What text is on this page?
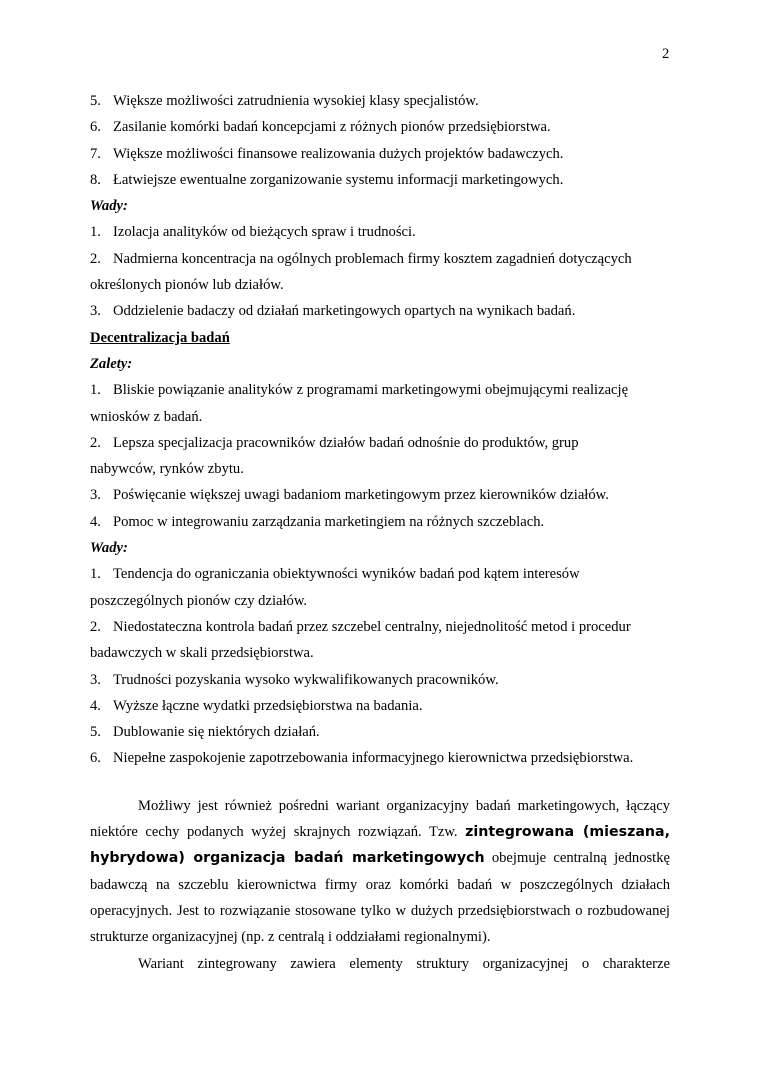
2
5. Większe możliwości zatrudnienia wysokiej klasy specjalistów.
6. Zasilanie komórki badań koncepcjami z różnych pionów przedsiębiorstwa.
7. Większe możliwości finansowe realizowania dużych projektów badawczych.
8. Łatwiejsze ewentualne zorganizowanie systemu informacji marketingowych.
Wady:
1. Izolacja analityków od bieżących spraw i trudności.
2. Nadmierna koncentracja na ogólnych problemach firmy kosztem zagadnień dotyczących
określonych pionów lub działów.
3. Oddzielenie badaczy od działań marketingowych opartych na wynikach badań.
Decentralizacja badań
Zalety:
1. Bliskie powiązanie analityków z programami marketingowymi obejmującymi realizację
wniosków z badań.
2. Lepsza specjalizacja pracowników działów badań odnośnie do produktów, grup
nabywców, rynków zbytu.
3. Poświęcanie większej uwagi badaniom marketingowym przez kierowników działów.
4. Pomoc w integrowaniu zarządzania marketingiem na różnych szczeblach.
Wady:
1. Tendencja do ograniczania obiektywności wyników badań pod kątem interesów
poszczególnych pionów czy działów.
2. Niedostateczna kontrola badań przez szczebel centralny, niejednolitość metod i procedur
badawczych w skali przedsiębiorstwa.
3. Trudności pozyskania wysoko wykwalifikowanych pracowników.
4. Wyższe łączne wydatki przedsiębiorstwa na badania.
5. Dublowanie się niektórych działań.
6. Niepełne zaspokojenie zapotrzebowania informacyjnego kierownictwa przedsiębiorstwa.

Możliwy jest również pośredni wariant organizacyjny badań marketingowych, łączący niektóre cechy podanych wyżej skrajnych rozwiązań. Tzw. zintegrowana (mieszana, hybrydowa) organizacja badań marketingowych obejmuje centralną jednostkę badawczą na szczeblu kierownictwa firmy oraz komórki badań w poszczególnych działach operacyjnych. Jest to rozwiązanie stosowane tylko w dużych przedsiębiorstwach o rozbudowanej strukturze organizacyjnej (np. z centralą i oddziałami regionalnymi).

Wariant zintegrowany zawiera elementy struktury organizacyjnej o charakterze
